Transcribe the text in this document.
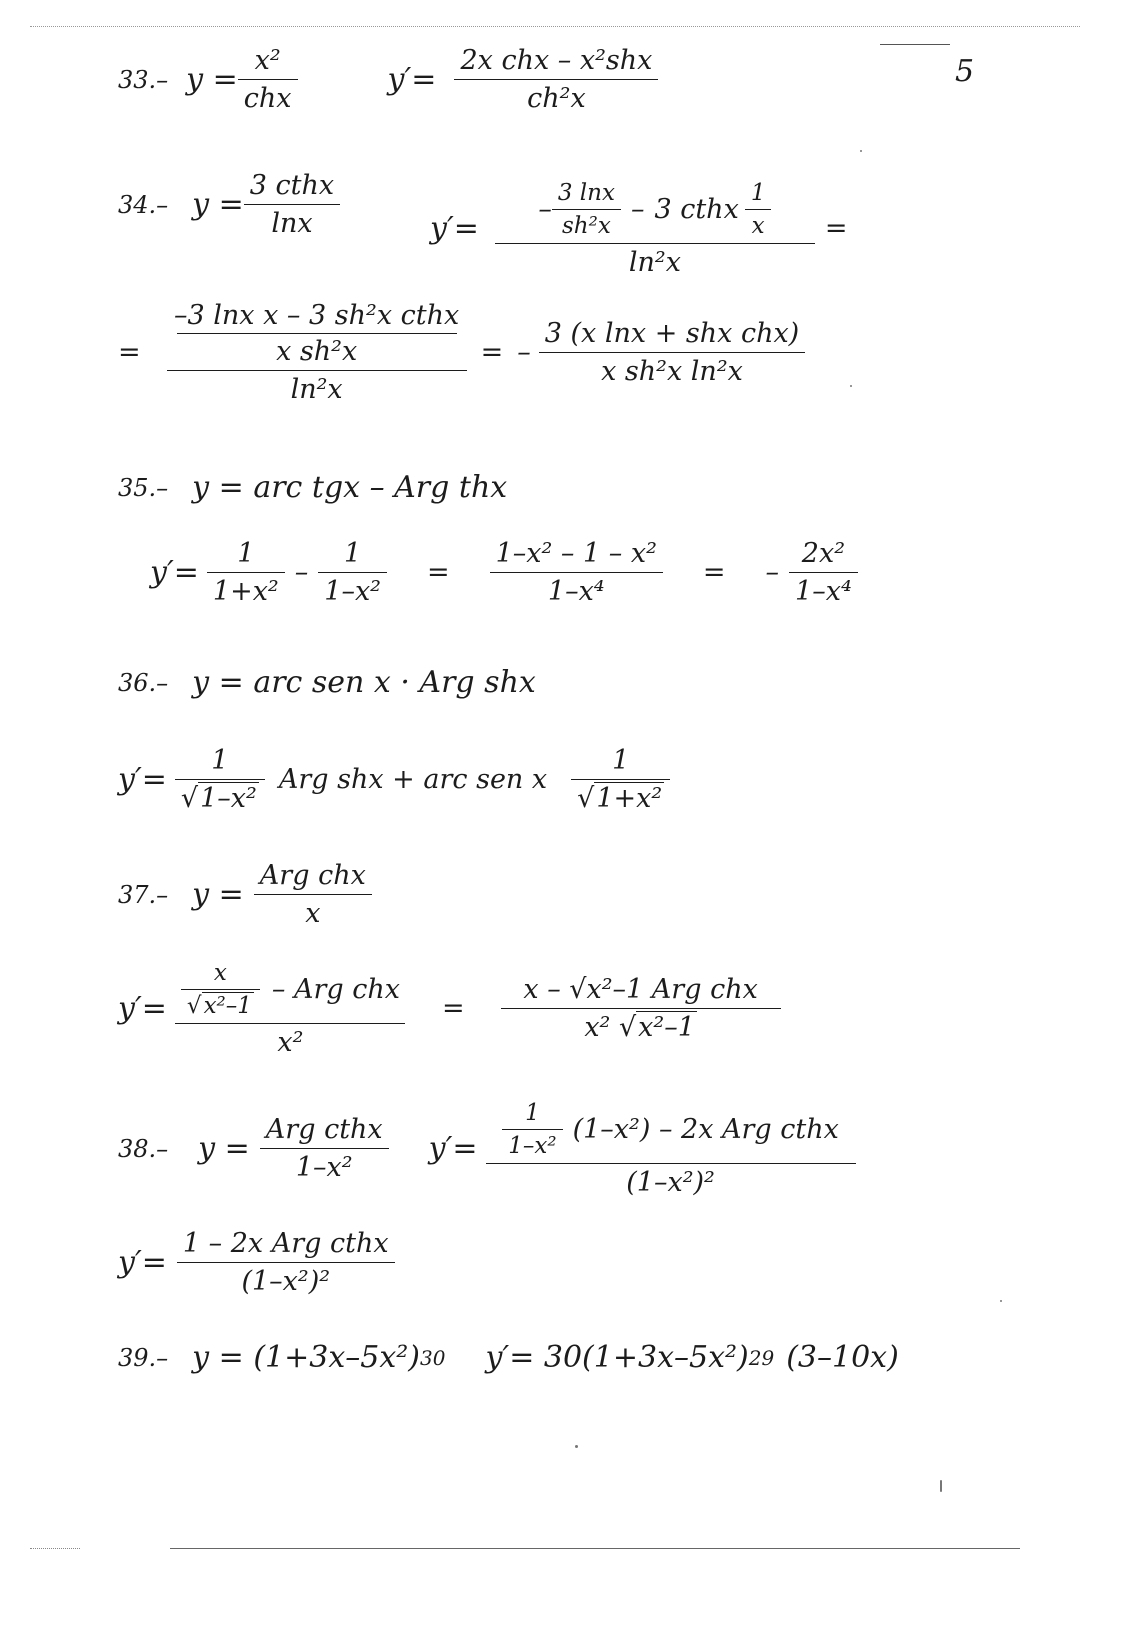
5
33.– y =
x²
chx
y′=
2x chx – x²shx
ch²x
34.– y =
3 cthx
lnx	y′=
–
3 lnx
sh²x
– 3 cthx
1
x
ln²x
=
=
–3 lnx x – 3 sh²x cthx
x sh²x
ln²x
= –
3 (x lnx + shx chx)
x sh²x ln²x
35.– y = arc tgx – Arg thx
y′=
1
1+x²
–
1
1–x²
=
1–x² – 1 – x²
1–x⁴
= –
2x²
1–x⁴
36.– y = arc sen x · Arg shx
y′=
1
√1–x²
Arg shx + arc sen x
1
√1+x²
37.– y =
Arg chx
x
y′=
x
√x²–1
– Arg chx
x²
=
x – √x²–1 Arg chx
x² √x²–1
38.– y =
Arg cthx
1–x²
y′=
1
1–x²
(1–x²) – 2x Arg cthx
(1–x²)²
y′=
1 – 2x Arg cthx
(1–x²)²
39.– y = (1+3x–5x²) 30 y′= 30(1+3x–5x²) 29 (3–10x)
